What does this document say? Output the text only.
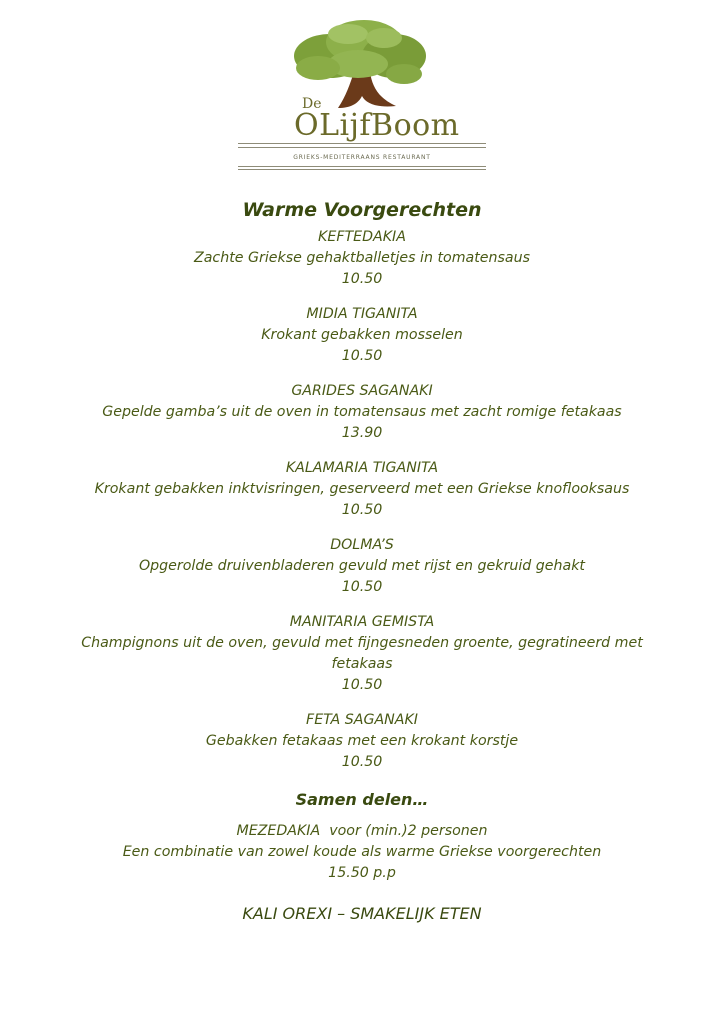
De
OLijfBoom
GRIEKS-MEDITERRAANS RESTAURANT
Warme Voorgerechten
KEFTEDAKIA
Zachte Griekse gehaktballetjes in tomatensaus
10.50
MIDIA TIGANITA
Krokant gebakken mosselen
10.50
GARIDES SAGANAKI
Gepelde gamba’s uit de oven in tomatensaus met zacht romige fetakaas
13.90
KALAMARIA TIGANITA
Krokant gebakken inktvisringen, geserveerd met een Griekse knoflooksaus
10.50
DOLMA’S
Opgerolde druivenbladeren gevuld met rijst en gekruid gehakt
10.50
MANITARIA GEMISTA
Champignons uit de oven, gevuld met fijngesneden groente, gegratineerd met fetakaas
10.50
FETA SAGANAKI
Gebakken fetakaas met een krokant korstje
10.50
Samen delen…
MEZEDAKIA  voor (min.)2 personen
Een combinatie van zowel koude als warme Griekse voorgerechten
15.50 p.p
KALI OREXI – SMAKELIJK ETEN
